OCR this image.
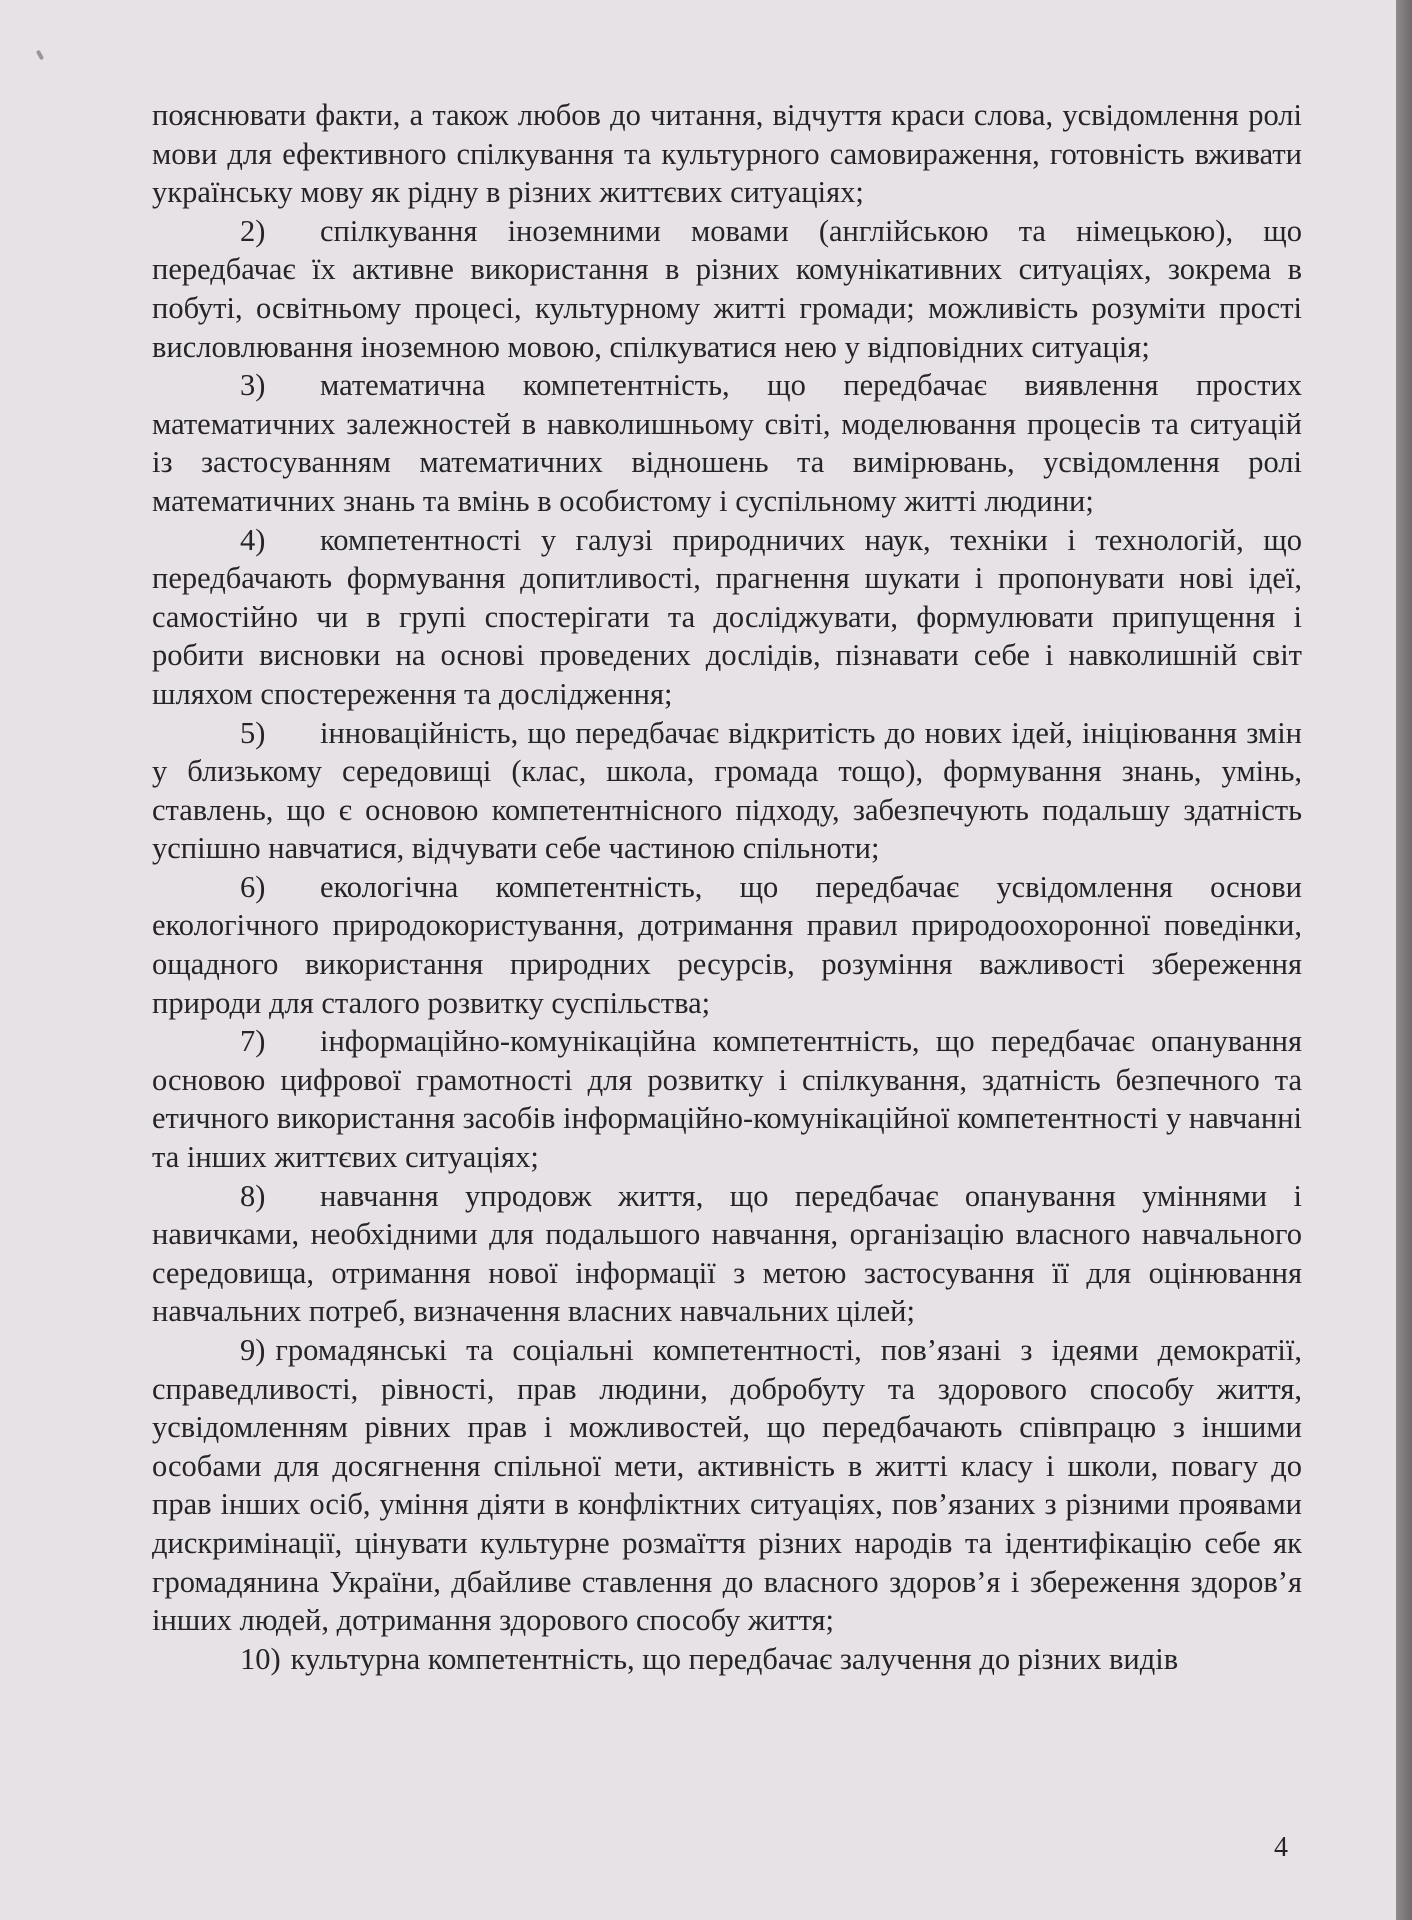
пояснювати факти, а також любов до читання, відчуття краси слова, усвідомлення ролі мови для ефективного спілкування та культурного самовираження, готовність вживати українську мову як рідну в різних життєвих ситуаціях;

2) спілкування іноземними мовами (англійською та німецькою), що передбачає їх активне використання в різних комунікативних ситуаціях, зокрема в побуті, освітньому процесі, культурному житті громади; можливість розуміти прості висловлювання іноземною мовою, спілкуватися нею у відповідних ситуація;

3) математична компетентність, що передбачає виявлення простих математичних залежностей в навколишньому світі, моделювання процесів та ситуацій із застосуванням математичних відношень та вимірювань, усвідомлення ролі математичних знань та вмінь в особистому і суспільному житті людини;

4) компетентності у галузі природничих наук, техніки і технологій, що передбачають формування допитливості, прагнення шукати і пропонувати нові ідеї, самостійно чи в групі спостерігати та досліджувати, формулювати припущення і робити висновки на основі проведених дослідів, пізнавати себе і навколишній світ шляхом спостереження та дослідження;

5) інноваційність, що передбачає відкритість до нових ідей, ініціювання змін у близькому середовищі (клас, школа, громада тощо), формування знань, умінь, ставлень, що є основою компетентнісного підходу, забезпечують подальшу здатність успішно навчатися, відчувати себе частиною спільноти;

6) екологічна компетентність, що передбачає усвідомлення основи екологічного природокористування, дотримання правил природоохоронної поведінки, ощадного використання природних ресурсів, розуміння важливості збереження природи для сталого розвитку суспільства;

7) інформаційно-комунікаційна компетентність, що передбачає опанування основою цифрової грамотності для розвитку і спілкування, здатність безпечного та етичного використання засобів інформаційно-комунікаційної компетентності у навчанні та інших життєвих ситуаціях;

8) навчання упродовж життя, що передбачає опанування уміннями і навичками, необхідними для подальшого навчання, організацію власного навчального середовища, отримання нової інформації з метою застосування її для оцінювання навчальних потреб, визначення власних навчальних цілей;

9) громадянські та соціальні компетентності, пов’язані з ідеями демократії, справедливості, рівності, прав людини, добробуту та здорового способу життя, усвідомленням рівних прав і можливостей, що передбачають співпрацю з іншими особами для досягнення спільної мети, активність в житті класу і школи, повагу до прав інших осіб, уміння діяти в конфліктних ситуаціях, пов’язаних з різними проявами дискримінації, цінувати культурне розмаїття різних народів та ідентифікацію себе як громадянина України, дбайливе ставлення до власного здоров’я і збереження здоров’я інших людей, дотримання здорового способу життя;

10) культурна компетентність, що передбачає залучення до різних видів

4
